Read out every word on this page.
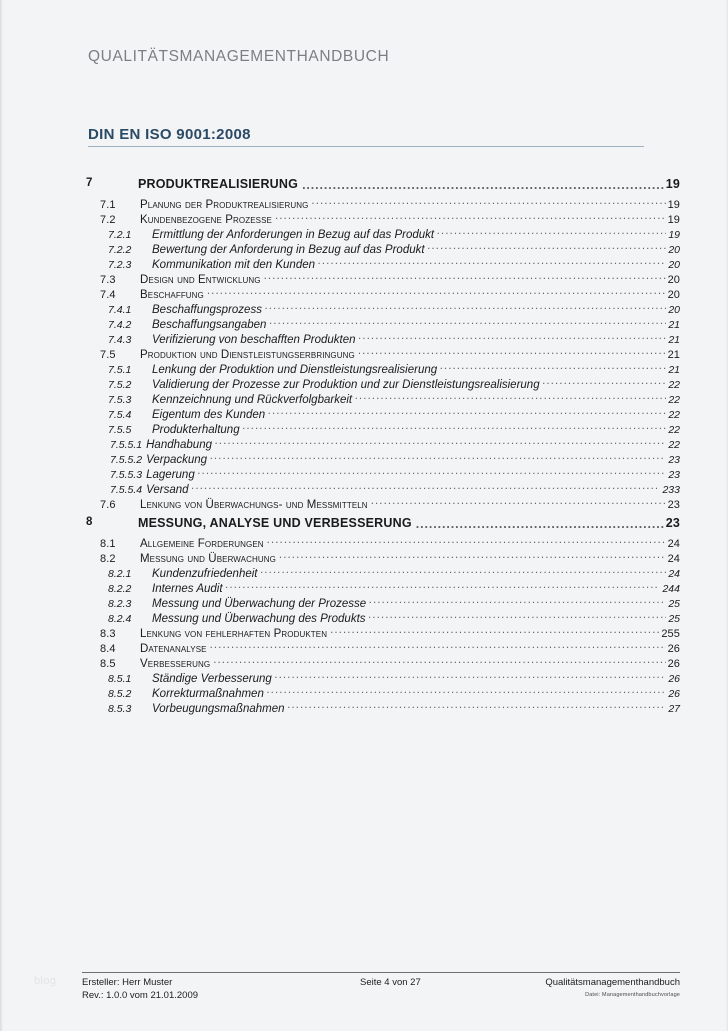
QUALITÄTSMANAGEMENTHANDBUCH
DIN EN ISO 9001:2008
7	PRODUKTREALISIERUNG .....	19
7.1	Planung der Produktrealisierung .....	19
7.2	Kundenbezogene Prozesse .....	19
7.2.1	Ermittlung der Anforderungen in Bezug auf das Produkt .....	19
7.2.2	Bewertung der Anforderung in Bezug auf das Produkt .....	20
7.2.3	Kommunikation mit den Kunden .....	20
7.3	Design und Entwicklung .....	20
7.4	Beschaffung .....	20
7.4.1	Beschaffungsprozess .....	20
7.4.2	Beschaffungsangaben .....	21
7.4.3	Verifizierung von beschafften Produkten .....	21
7.5	Produktion und Dienstleistungserbringung .....	21
7.5.1	Lenkung der Produktion und Dienstleistungsrealisierung .....	21
7.5.2	Validierung der Prozesse zur Produktion und zur Dienstleistungsrealisierung .....	22
7.5.3	Kennzeichnung und Rückverfolgbarkeit .....	22
7.5.4	Eigentum des Kunden .....	22
7.5.5	Produkterhaltung .....	22
7.5.5.1 Handhabung .....	22
7.5.5.2 Verpackung .....	23
7.5.5.3 Lagerung .....	23
7.5.5.4 Versand .....	233
7.6	Lenkung von Überwachungs- und Messmitteln .....	23
8	MESSUNG, ANALYSE UND VERBESSERUNG .....	23
8.1	Allgemeine Forderungen .....	24
8.2	Messung und Überwachung .....	24
8.2.1	Kundenzufriedenheit .....	24
8.2.2	Internes Audit .....	244
8.2.3	Messung und Überwachung der Prozesse .....	25
8.2.4	Messung und Überwachung des Produkts .....	25
8.3	Lenkung von fehlerhaften Produkten .....	255
8.4	Datenanalyse .....	26
8.5	Verbesserung .....	26
8.5.1	Ständige Verbesserung .....	26
8.5.2	Korrekturmaßnahmen .....	26
8.5.3	Vorbeugungsmaßnahmen .....	27
blog	Ersteller: Herr Muster
Rev.: 1.0.0 vom 21.01.2009
Seite 4 von 27	Qualitätsmanagementhandbuch
Datei: Managementhandbuchvorlage
